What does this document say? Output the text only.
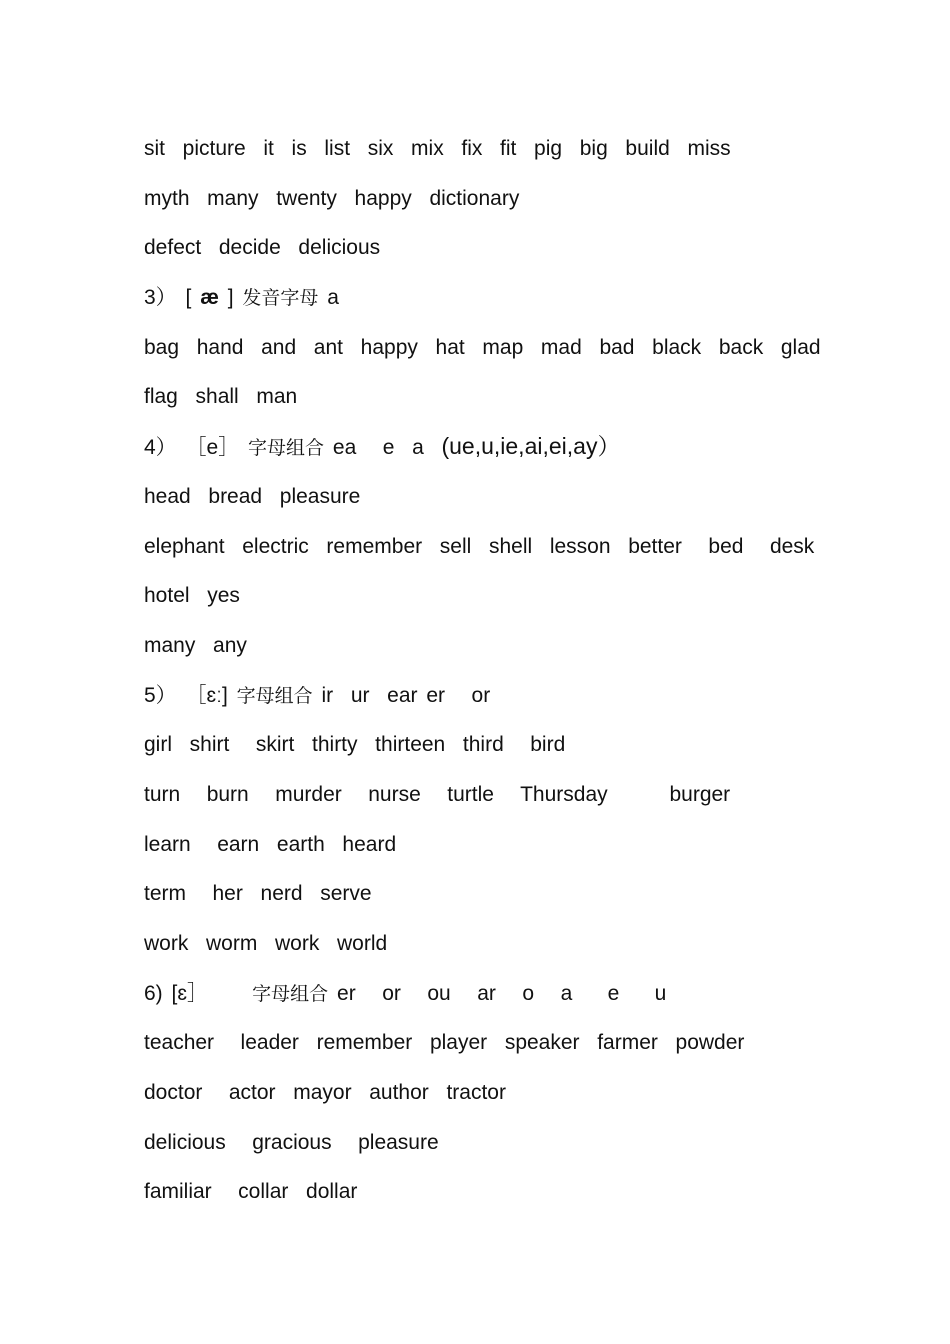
sit  picture  it  is  list  six  mix  fix  fit  pig  big  build  miss
myth  many  twenty  happy  dictionary
defect  decide  delicious
3） [ æ ] 发音字母 a
bag  hand  and  ant  happy  hat  map  mad  bad  black  back  glad
flag  shall  man
4） ［e］ 字母组合 ea   e  a  (ue,u,ie,ai,ei,ay）
head  bread  pleasure
elephant  electric  remember  sell  shell  lesson  better   bed   desk
hotel  yes
many  any
5） ［ɛː] 字母组合 ir  ur  ear er   or
girl  shirt   skirt  thirty  thirteen  third   bird
turn   burn   murder   nurse   turtle   Thursday       burger
learn   earn  earth  heard
term   her  nerd  serve
work  worm  work  world
6) [ɛ］ 字母组合 er   or   ou   ar   o   a    e    u
teacher   leader  remember  player  speaker  farmer  powder
doctor   actor  mayor  author  tractor
delicious   gracious   pleasure
familiar   collar  dollar
